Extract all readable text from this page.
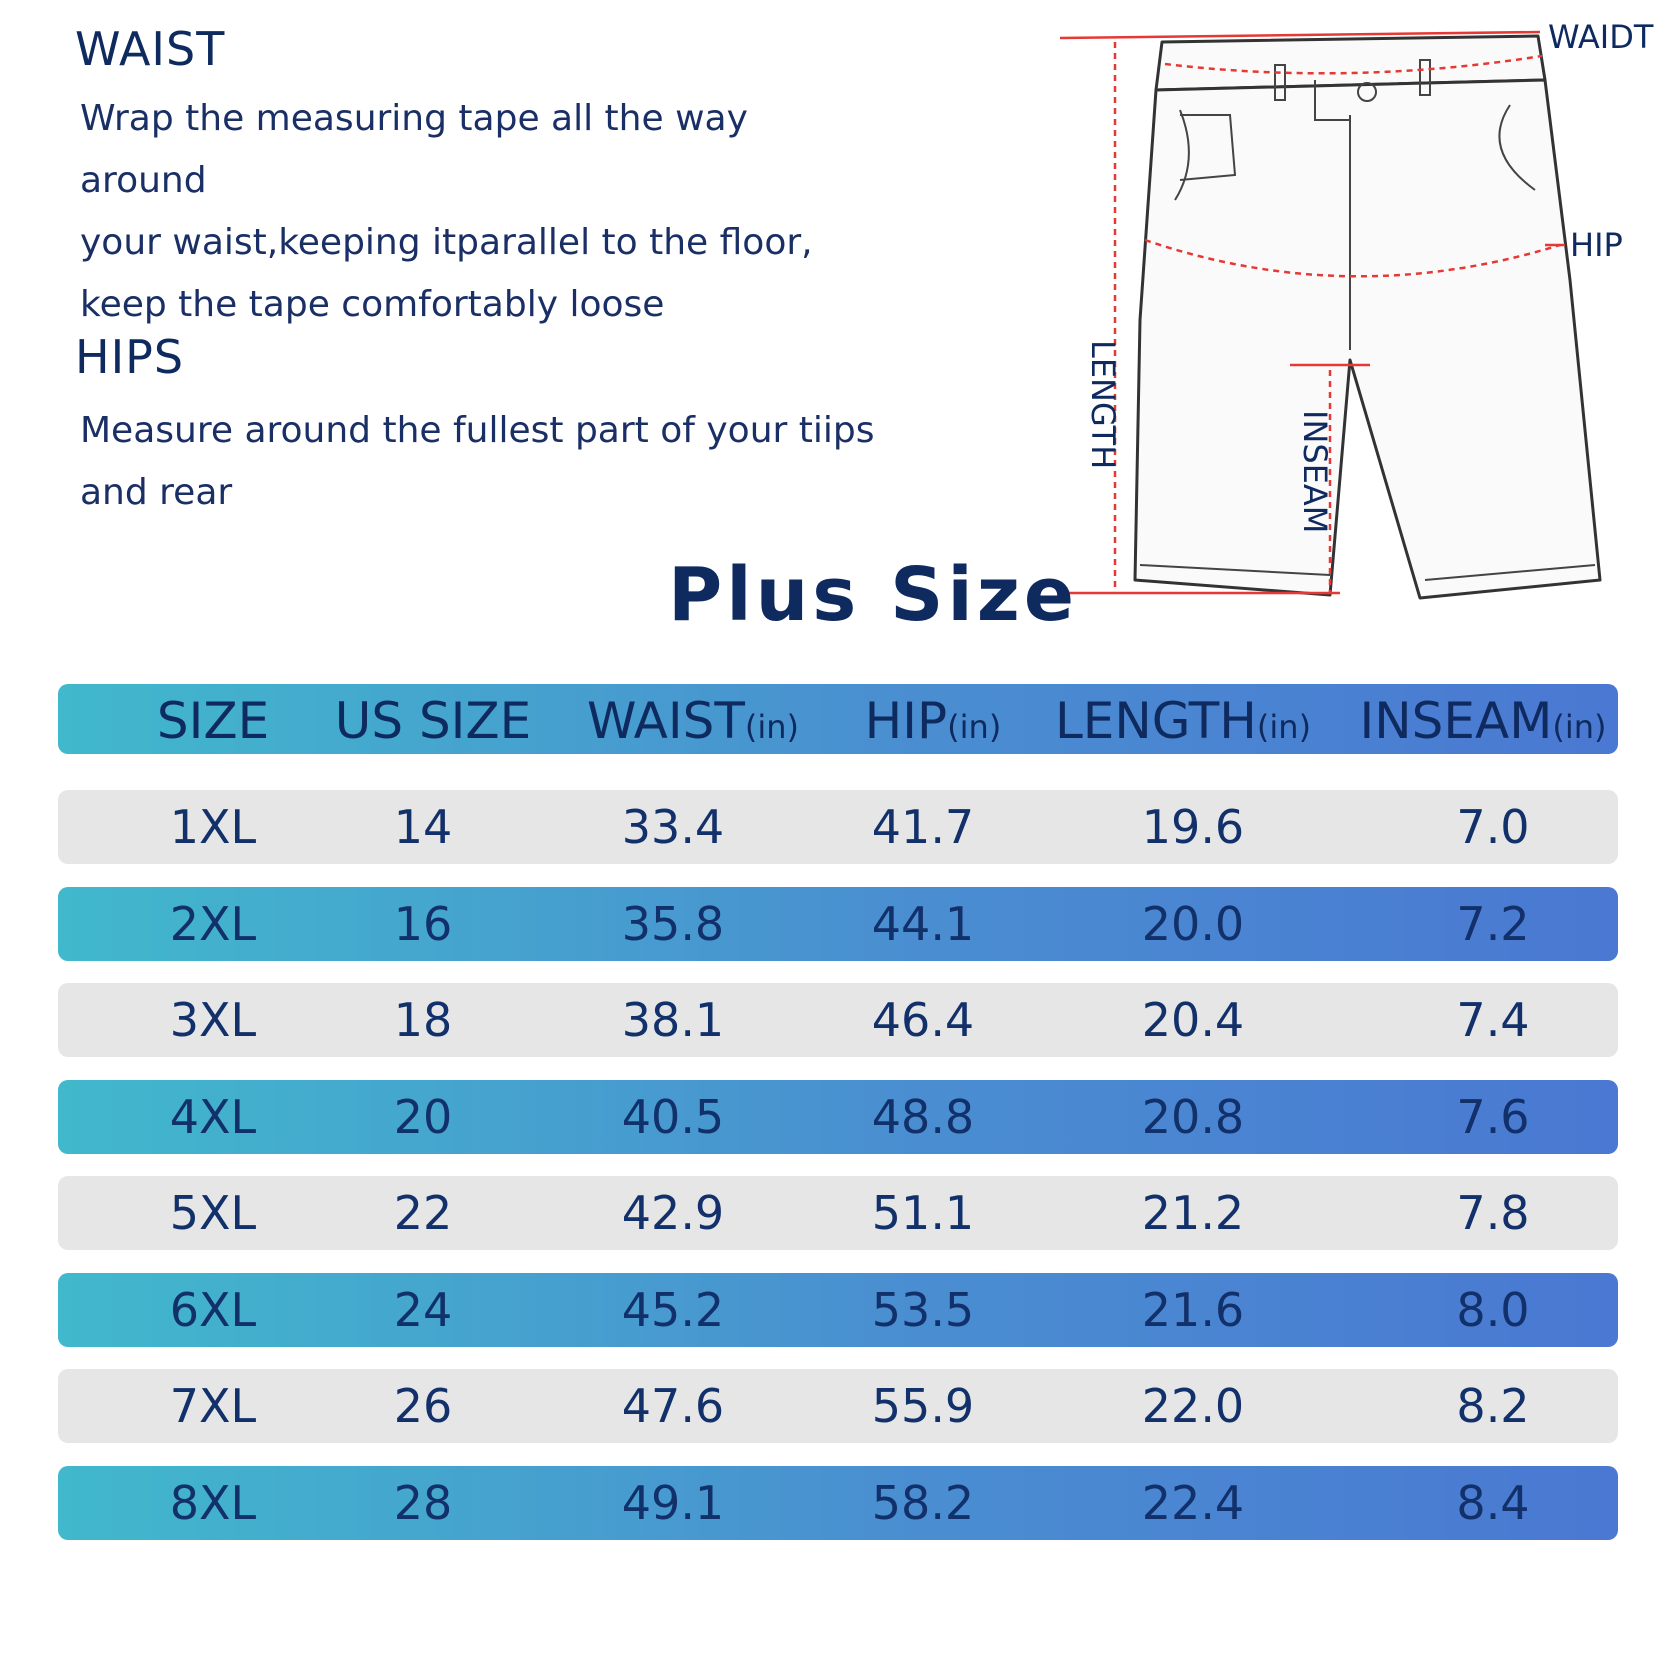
WAIST
Wrap the measuring tape all the way around
your waist,keeping itparallel to the floor,
keep the tape comfortably loose
HIPS
Measure around the fullest part of your tiips
and rear
WAIDT
HIP
LENGTH
INSEAM
Plus Size
SIZE	US SIZE	WAIST(in)	HIP(in)	LENGTH(in) INSEAM(in)
1XL	14	33.4	41.7	19.6	7.0
2XL	16	35.8	44.1	20.0	7.2
3XL	18	38.1	46.4	20.4	7.4
4XL	20	40.5	48.8	20.8	7.6
5XL	22	42.9	51.1	21.2	7.8
6XL	24	45.2	53.5	21.6	8.0
7XL	26	47.6	55.9	22.0	8.2
8XL	28	49.1	58.2	22.4	8.4
